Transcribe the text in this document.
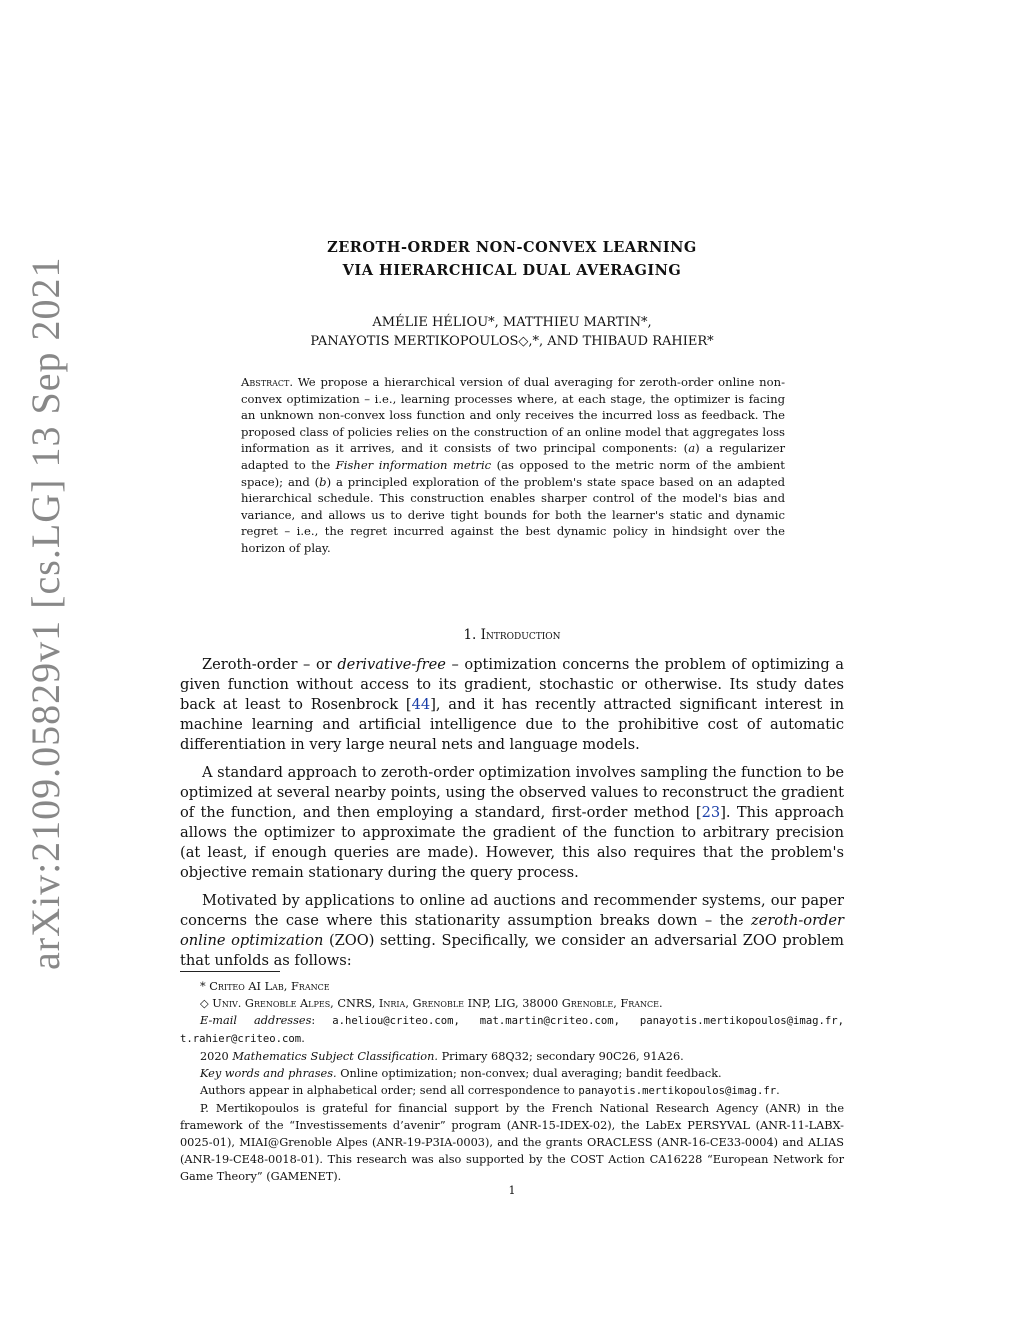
arXiv:2109.05829v1 [cs.LG] 13 Sep 2021
ZEROTH-ORDER NON-CONVEX LEARNING
VIA HIERARCHICAL DUAL AVERAGING
AMÉLIE HÉLIOU*, MATTHIEU MARTIN*,
PANAYOTIS MERTIKOPOULOS◇,*, AND THIBAUD RAHIER*
Abstract. We propose a hierarchical version of dual averaging for zeroth-order online non-convex optimization – i.e., learning processes where, at each stage, the optimizer is facing an unknown non-convex loss function and only receives the incurred loss as feedback. The proposed class of policies relies on the construction of an online model that aggregates loss information as it arrives, and it consists of two principal components: (a) a regularizer adapted to the Fisher information metric (as opposed to the metric norm of the ambient space); and (b) a principled exploration of the problem's state space based on an adapted hierarchical schedule. This construction enables sharper control of the model's bias and variance, and allows us to derive tight bounds for both the learner's static and dynamic regret – i.e., the regret incurred against the best dynamic policy in hindsight over the horizon of play.
1. Introduction

Zeroth-order – or derivative-free – optimization concerns the problem of optimizing a given function without access to its gradient, stochastic or otherwise. Its study dates back at least to Rosenbrock [44], and it has recently attracted significant interest in machine learning and artificial intelligence due to the prohibitive cost of automatic differentiation in very large neural nets and language models.

A standard approach to zeroth-order optimization involves sampling the function to be optimized at several nearby points, using the observed values to reconstruct the gradient of the function, and then employing a standard, first-order method [23]. This approach allows the optimizer to approximate the gradient of the function to arbitrary precision (at least, if enough queries are made). However, this also requires that the problem's objective remain stationary during the query process.

Motivated by applications to online ad auctions and recommender systems, our paper concerns the case where this stationarity assumption breaks down – the zeroth-order online optimization (ZOO) setting. Specifically, we consider an adversarial ZOO problem that unfolds as follows:

* Criteo AI Lab, France

◇ Univ. Grenoble Alpes, CNRS, Inria, Grenoble INP, LIG, 38000 Grenoble, France.

E-mail addresses: a.heliou@criteo.com, mat.martin@criteo.com, panayotis.mertikopoulos@imag.fr, t.rahier@criteo.com.

2020 Mathematics Subject Classification. Primary 68Q32; secondary 90C26, 91A26.

Key words and phrases. Online optimization; non-convex; dual averaging; bandit feedback.

Authors appear in alphabetical order; send all correspondence to panayotis.mertikopoulos@imag.fr.

P. Mertikopoulos is grateful for financial support by the French National Research Agency (ANR) in the framework of the “Investissements d’avenir” program (ANR-15-IDEX-02), the LabEx PERSYVAL (ANR-11-LABX-0025-01), MIAI@Grenoble Alpes (ANR-19-P3IA-0003), and the grants ORACLESS (ANR-16-CE33-0004) and ALIAS (ANR-19-CE48-0018-01). This research was also supported by the COST Action CA16228 “European Network for Game Theory” (GAMENET).

1
